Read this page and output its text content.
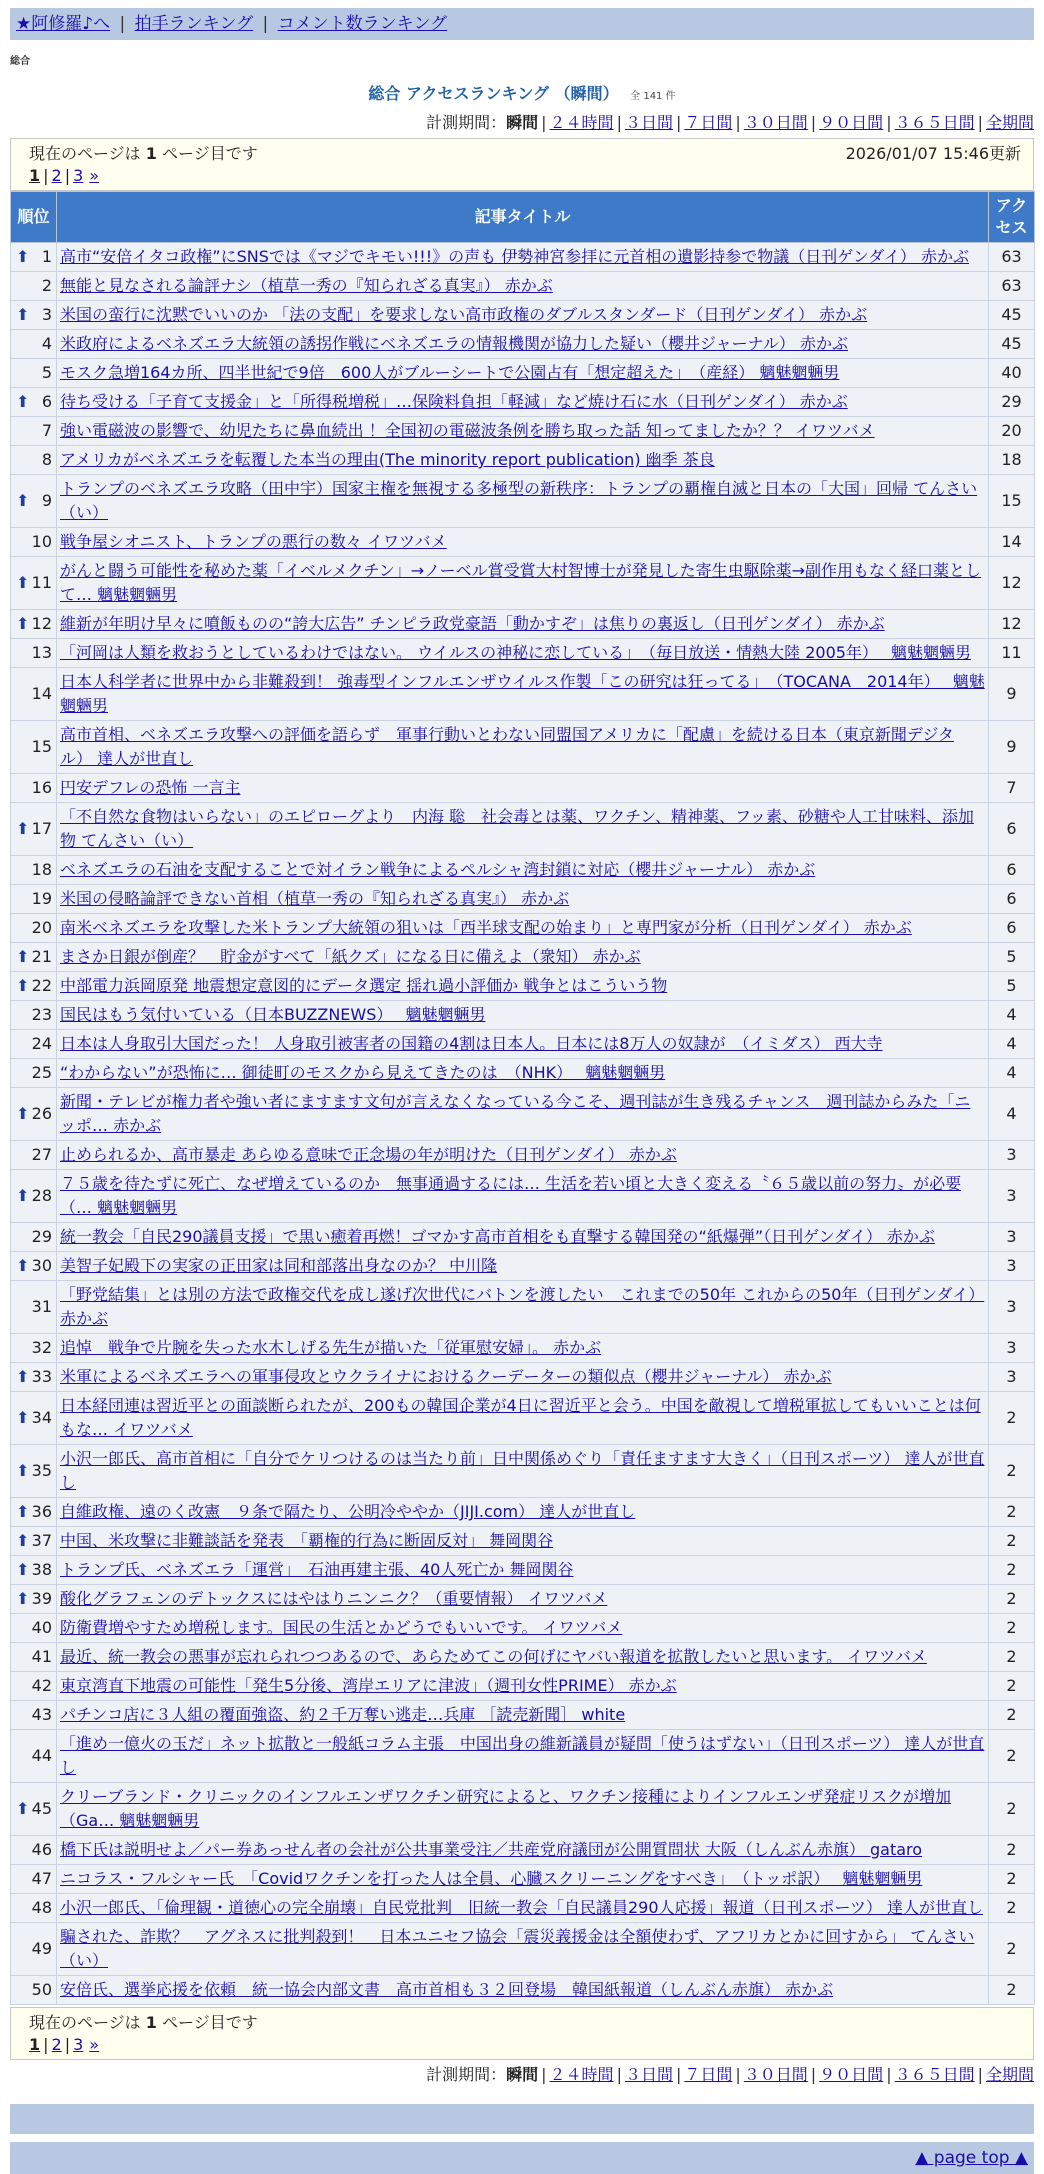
★阿修羅♪へ | 拍手ランキング | コメント数ランキング
総合
総合 アクセスランキング （瞬間） 全 141 件
計測期間：瞬間 | ２４時間 | ３日間 | ７日間 | ３０日間 | ９０日間 | ３６５日間 | 全期間
現在のページは 1 ページ目です	2026/01/07 15:46更新
1 | 2 | 3 »
順位	記事タイトル	アクセス

⬆ 1	高市“安倍イタコ政権”にSNSでは《マジでキモい!!!》の声も 伊勢神宮参拝に元首相の遺影持参で物議（日刊ゲンダイ） 赤かぶ	63
2	無能と見なされる論評ナシ（植草一秀の『知られざる真実』） 赤かぶ	63

⬆ 3	米国の蛮行に沈黙でいいのか 「法の支配」を要求しない高市政権のダブルスタンダード（日刊ゲンダイ） 赤かぶ	45
4	米政府によるベネズエラ大統領の誘拐作戦にベネズエラの情報機関が協力した疑い（櫻井ジャーナル） 赤かぶ	45
5	モスク急増164カ所、四半世紀で9倍　600人がブルーシートで公園占有「想定超えた」　（産経） 魑魅魍魎男	40

⬆ 6	待ち受ける「子育て支援金」と「所得税増税」…保険料負担「軽減」など焼け石に水（日刊ゲンダイ） 赤かぶ	29
7	強い電磁波の影響で、幼児たちに鼻血続出 ！全国初の電磁波条例を勝ち取った話 知ってましたか？？ イワツバメ	20
8	アメリカがベネズエラを転覆した本当の理由(The minority report publication) 幽季 茶良	18

⬆ 9	トランプのベネズエラ攻略（田中宇）国家主権を無視する多極型の新秩序：トランプの覇権自滅と日本の「大国」回帰 てんさい（い）	15
10	戦争屋シオニスト、トランプの悪行の数々 イワツバメ	14

⬆ 11	がんと闘う可能性を秘めた薬「イベルメクチン」→ノーベル賞受賞大村智博士が発見した寄生虫駆除薬→副作用もなく経口薬として… 魑魅魍魎男	12

⬆ 12	維新が年明け早々に噴飯ものの“誇大広告” チンピラ政党豪語「動かすぞ」は焦りの裏返し（日刊ゲンダイ） 赤かぶ	12
13	「河岡は人類を救おうとしているわけではない。 ウイルスの神秘に恋している」　（毎日放送・情熱大陸 2005年）　 魑魅魍魎男	11
14	日本人科学者に世界中から非難殺到！ 強毒型インフルエンザウイルス作製「この研究は狂ってる」　（TOCANA　2014年）　 魑魅魍魎男	9
15	高市首相、ベネズエラ攻撃への評価を語らず　軍事行動いとわない同盟国アメリカに「配慮」を続ける日本（東京新聞デジタル） 達人が世直し	9
16	円安デフレの恐怖 一言主	7

⬆ 17	「不自然な食物はいらない」のエピローグより　内海 聡　社会毒とは薬、ワクチン、精神薬、フッ素、砂糖や人工甘味料、添加物 てんさい（い）	6
18	ベネズエラの石油を支配することで対イラン戦争によるペルシャ湾封鎖に対応（櫻井ジャーナル） 赤かぶ	6
19	米国の侵略論評できない首相（植草一秀の『知られざる真実』） 赤かぶ	6
20	南米ベネズエラを攻撃した米トランプ大統領の狙いは「西半球支配の始まり」と専門家が分析（日刊ゲンダイ） 赤かぶ	6

⬆ 21	まさか日銀が倒産？　貯金がすべて「紙クズ」になる日に備えよ（衆知） 赤かぶ	5

⬆ 22	中部電力浜岡原発 地震想定意図的にデータ選定 揺れ過小評価か 戦争とはこういう物	5
23	国民はもう気付いている（日本BUZZNEWS）　 魑魅魍魎男	4
24	日本は人身取引大国だった！ 人身取引被害者の国籍の4割は日本人。日本には8万人の奴隷が　（イミダス） 西大寺	4
25	“わからない”が恐怖に… 御徒町のモスクから見えてきたのは　（NHK）　 魑魅魍魎男	4

⬆ 26	新聞・テレビが権力者や強い者にますます文句が言えなくなっている今こそ、週刊誌が生き残るチャンス　週刊誌からみた「ニッポ… 赤かぶ	4
27	止められるか、高市暴走 あらゆる意味で正念場の年が明けた（日刊ゲンダイ） 赤かぶ	3

⬆ 28	７５歳を待たずに死亡、なぜ増えているのか　無事通過するには… 生活を若い頃と大きく変える〝６５歳以前の努力〟が必要（… 魑魅魍魎男	3
29	統一教会「自民290議員支援」で黒い癒着再燃！ゴマかす高市首相をも直撃する韓国発の“紙爆弾”（日刊ゲンダイ） 赤かぶ	3

⬆ 30	美智子妃殿下の実家の正田家は同和部落出身なのか？ 中川隆	3
31	「野党結集」とは別の方法で政権交代を成し遂げ次世代にバトンを渡したい　これまでの50年 これからの50年（日刊ゲンダイ） 赤かぶ	3
32	追悼　戦争で片腕を失った水木しげる先生が描いた「従軍慰安婦」。 赤かぶ	3

⬆ 33	米軍によるベネズエラへの軍事侵攻とウクライナにおけるクーデーターの類似点（櫻井ジャーナル） 赤かぶ	3

⬆ 34	日本経団連は習近平との面談断られたが、200もの韓国企業が4日に習近平と会う。中国を敵視して増税軍拡してもいいことは何もな… イワツバメ	2

⬆ 35	小沢一郎氏、高市首相に「自分でケリつけるのは当たり前」日中関係めぐり「責任ますます大きく」（日刊スポーツ） 達人が世直し	2

⬆ 36	自維政権、遠のく改憲　９条で隔たり、公明冷ややか（JIJI.com） 達人が世直し	2

⬆ 37	中国、米攻撃に非難談話を発表　「覇権的行為に断固反対」 舞岡関谷	2

⬆ 38	トランプ氏、ベネズエラ「運営」　石油再建主張、40人死亡か 舞岡関谷	2

⬆ 39	酸化グラフェンのデトックスにはやはりニンニク？（重要情報） イワツバメ	2
40	防衛費増やすため増税します。国民の生活とかどうでもいいです。 イワツバメ	2
41	最近、統一教会の悪事が忘れられつつあるので、あらためてこの何げにヤバい報道を拡散したいと思います。 イワツバメ	2
42	東京湾直下地震の可能性「発生5分後、湾岸エリアに津波」（週刊女性PRIME） 赤かぶ	2
43	パチンコ店に３人組の覆面強盗、約２千万奪い逃走…兵庫 ［読売新聞］ white	2
44	「進め一億火の玉だ」ネット拡散と一般紙コラム主張　中国出身の維新議員が疑問「使うはずない」（日刊スポーツ） 達人が世直し	2

⬆ 45	クリーブランド・クリニックのインフルエンザワクチン研究によると、ワクチン接種によりインフルエンザ発症リスクが増加（Ga… 魑魅魍魎男	2
46	橋下氏は説明せよ／パー券あっせん者の会社が公共事業受注／共産党府議団が公開質問状 大阪（しんぶん赤旗） gataro	2
47	ニコラス・フルシャー氏　「Covidワクチンを打った人は全員、心臓スクリーニングをすべき」　（トッポ訳）　 魑魅魍魎男	2
48	小沢一郎氏、「倫理観・道徳心の完全崩壊」自民党批判　旧統一教会「自民議員290人応援」報道（日刊スポーツ） 達人が世直し	2
49	騙された、詐欺？　アグネスに批判殺到！　日本ユニセフ協会「震災義援金は全額使わず、アフリカとかに回すから」 てんさい（い）	2
50	安倍氏、選挙応援を依頼　統一協会内部文書　高市首相も３２回登場　韓国紙報道（しんぶん赤旗） 赤かぶ	2
現在のページは 1 ページ目です
1 | 2 | 3 »
計測期間：瞬間 | ２４時間 | ３日間 | ７日間 | ３０日間 | ９０日間 | ３６５日間 | 全期間
▲ page top ▲
